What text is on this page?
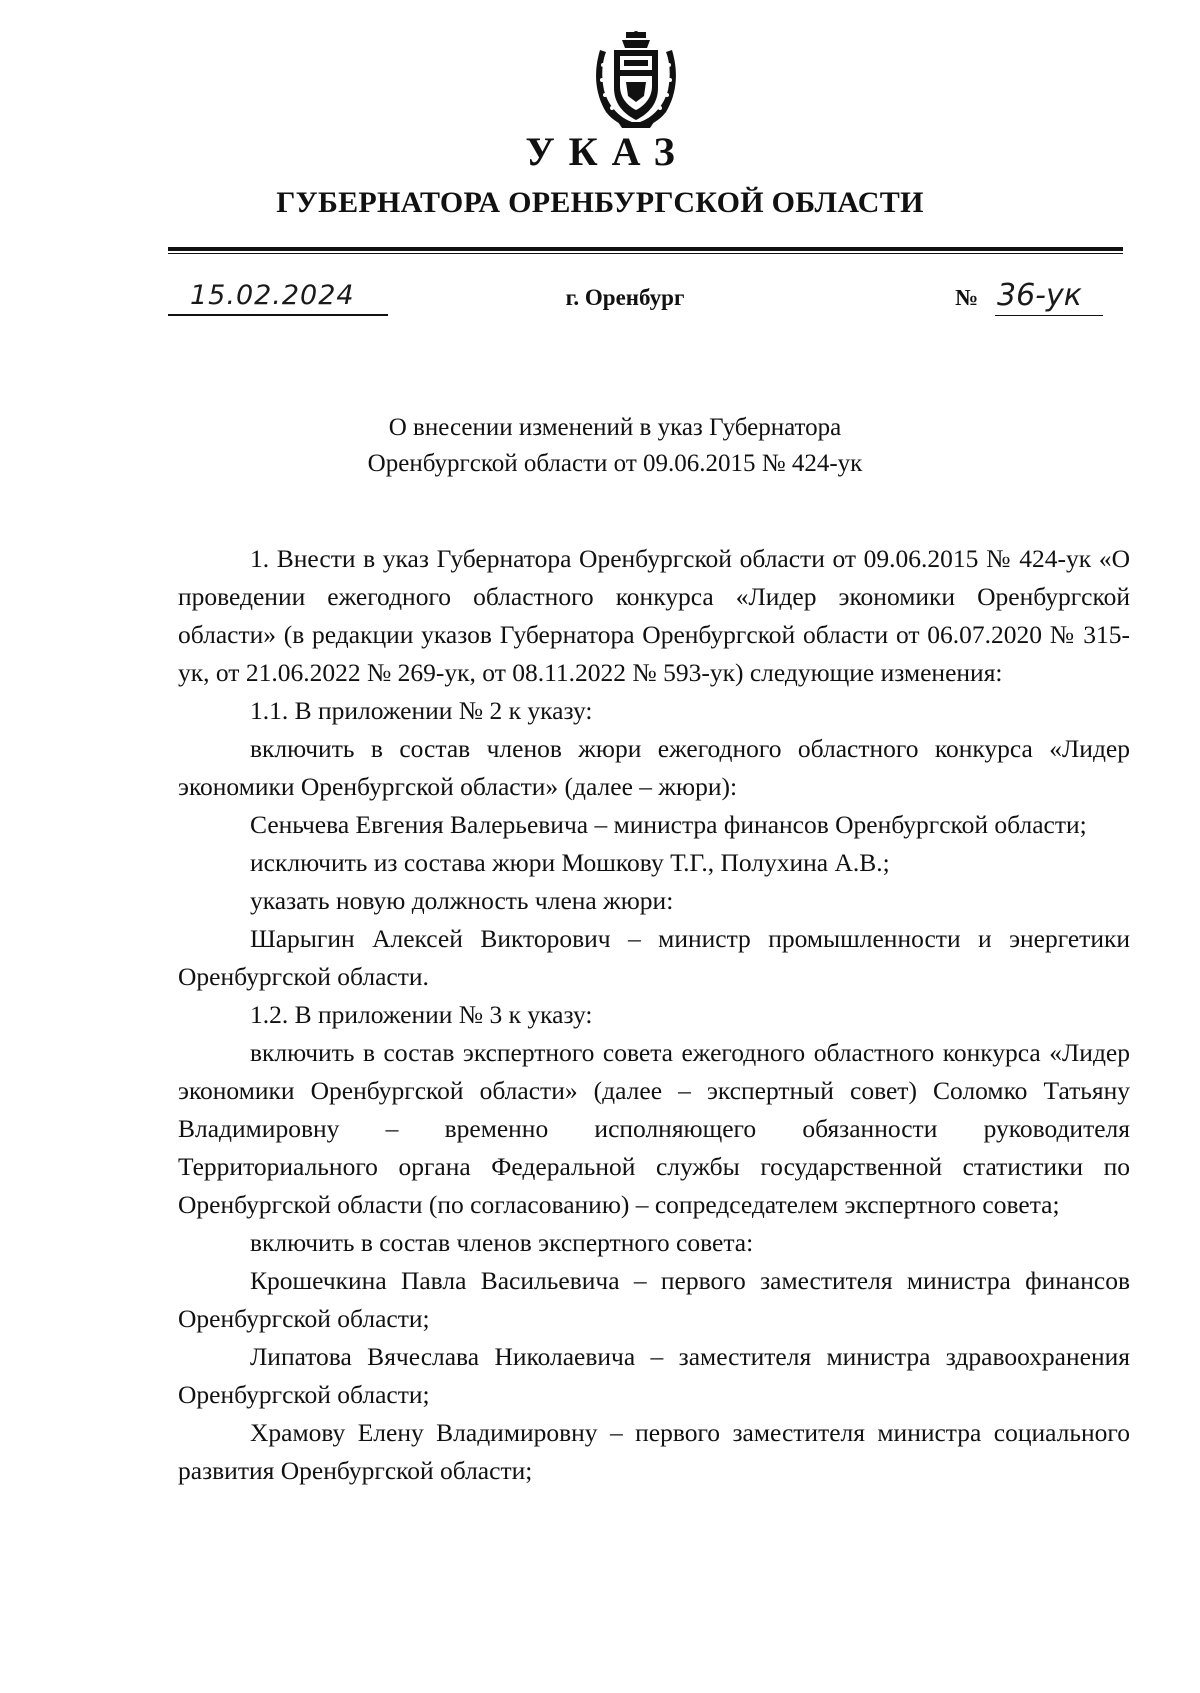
УКАЗ
ГУБЕРНАТОРА ОРЕНБУРГСКОЙ ОБЛАСТИ
15.02.2024	г. Оренбург	№ 36-ук
О внесении изменений в указ Губернатора
Оренбургской области от 09.06.2015 № 424-ук

1. Внести в указ Губернатора Оренбургской области от 09.06.2015 № 424-ук «О проведении ежегодного областного конкурса «Лидер экономики Оренбургской области» (в редакции указов Губернатора Оренбургской области от 06.07.2020 № 315-ук, от 21.06.2022 № 269-ук, от 08.11.2022 № 593-ук) следующие изменения:

1.1. В приложении № 2 к указу:

включить в состав членов жюри ежегодного областного конкурса «Лидер экономики Оренбургской области» (далее – жюри):

Сеньчева Евгения Валерьевича – министра финансов Оренбургской области;

исключить из состава жюри Мошкову Т.Г., Полухина А.В.;

указать новую должность члена жюри:

Шарыгин Алексей Викторович – министр промышленности и энергетики Оренбургской области.

1.2. В приложении № 3 к указу:

включить в состав экспертного совета ежегодного областного конкурса «Лидер экономики Оренбургской области» (далее – экспертный совет) Соломко Татьяну Владимировну – временно исполняющего обязанности руководителя Территориального органа Федеральной службы государственной статистики по Оренбургской области (по согласованию) – сопредседателем экспертного совета;

включить в состав членов экспертного совета:

Крошечкина Павла Васильевича – первого заместителя министра финансов Оренбургской области;

Липатова Вячеслава Николаевича – заместителя министра здравоохранения Оренбургской области;

Храмову Елену Владимировну – первого заместителя министра социального развития Оренбургской области;
